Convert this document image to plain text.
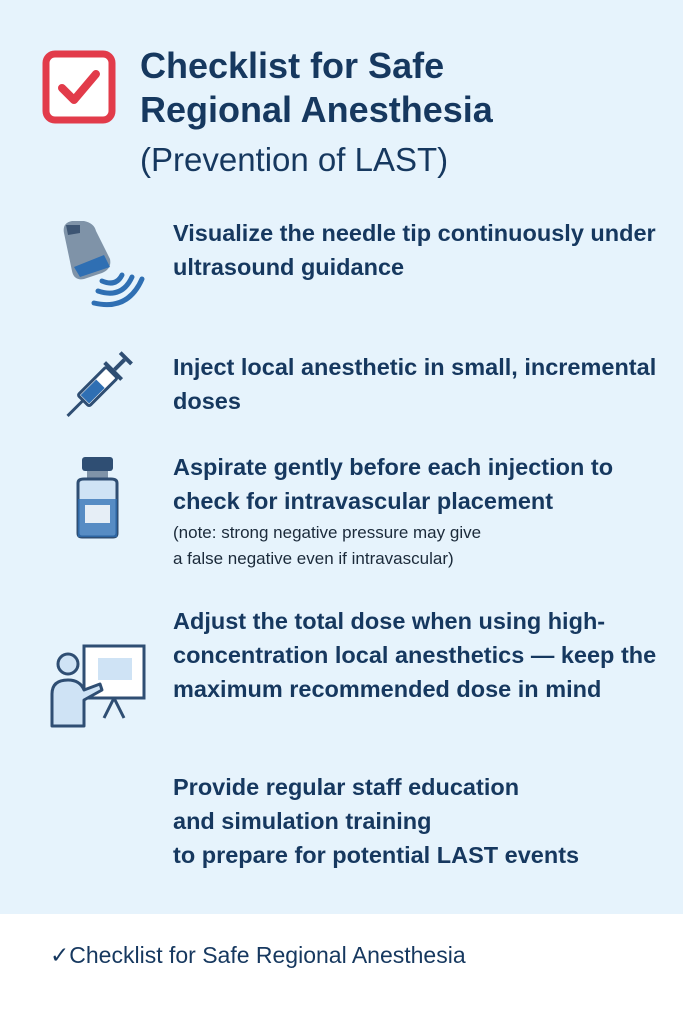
Checklist for Safe
Regional Anesthesia

(Prevention of LAST)

Visualize the needle tip continuously under ultrasound guidance

Inject local anesthetic in small, incremental doses

Aspirate gently before each injection to check for intravascular placement

(note: strong negative pressure may give
a false negative even if intravascular)

Adjust the total dose when using high-concentration local anesthetics — keep the maximum recommended dose in mind

Provide regular staff education
and simulation training
to prepare for potential LAST events

✓Checklist for Safe Regional Anesthesia
